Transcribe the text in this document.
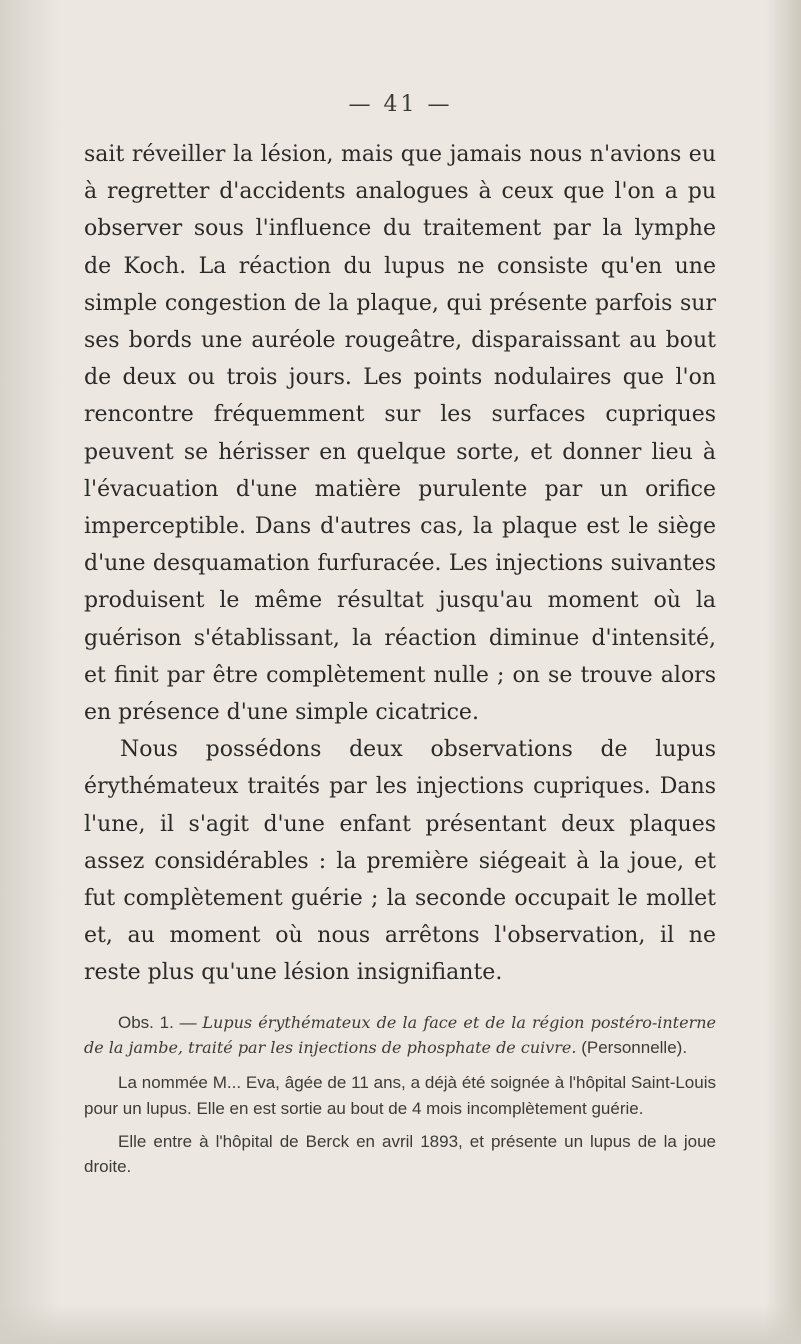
— 41 —

sait réveiller la lésion, mais que jamais nous n'avions eu à regretter d'accidents analogues à ceux que l'on a pu observer sous l'influence du traitement par la lymphe de Koch. La réaction du lupus ne consiste qu'en une simple congestion de la plaque, qui présente parfois sur ses bords une auréole rougeâtre, disparaissant au bout de deux ou trois jours. Les points nodulaires que l'on rencontre fréquemment sur les surfaces cupriques peuvent se hérisser en quelque sorte, et donner lieu à l'évacuation d'une matière purulente par un orifice imperceptible. Dans d'autres cas, la plaque est le siège d'une desquamation furfuracée. Les injections suivantes produisent le même résultat jusqu'au moment où la guérison s'établissant, la réaction diminue d'intensité, et finit par être complètement nulle ; on se trouve alors en présence d'une simple cicatrice.

Nous possédons deux observations de lupus érythémateux traités par les injections cupriques. Dans l'une, il s'agit d'une enfant présentant deux plaques assez considérables : la première siégeait à la joue, et fut complètement guérie ; la seconde occupait le mollet et, au moment où nous arrêtons l'observation, il ne reste plus qu'une lésion insignifiante.

Obs. 1. — Lupus érythémateux de la face et de la région postéro-interne de la jambe, traité par les injections de phosphate de cuivre. (Personnelle).

La nommée M... Eva, âgée de 11 ans, a déjà été soignée à l'hôpital Saint-Louis pour un lupus. Elle en est sortie au bout de 4 mois incomplètement guérie.

Elle entre à l'hôpital de Berck en avril 1893, et présente un lupus de la joue droite.
